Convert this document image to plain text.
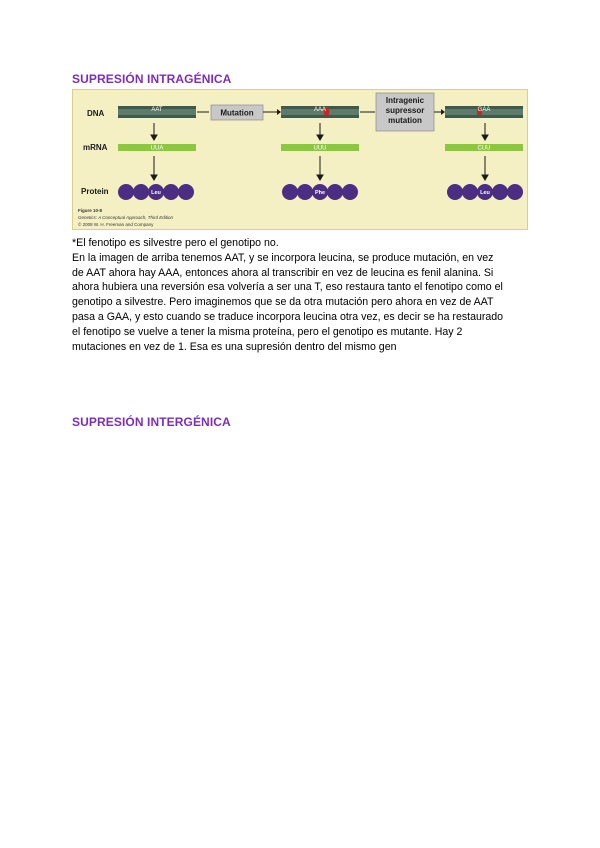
SUPRESIÓN INTRAGÉNICA
DNA
mRNA
Protein
AAT	AAA	GAA
Mutation
Intragenic
supressor
mutation
UUA	UUU	CUU
Leu	Phe	Leu
Figure 10-8
Genetics: A Conceptual Approach, Third Edition
© 2008 W. H. Freeman and Company

*El fenotipo es silvestre pero el genotipo no.

En la imagen de arriba tenemos AAT, y se incorpora leucina, se produce mutación, en vez

de AAT ahora hay AAA, entonces ahora al transcribir en vez de leucina es fenil alanina. Si

ahora hubiera una reversión esa volvería a ser una T, eso restaura tanto el fenotipo como el

genotipo a silvestre. Pero imaginemos que se da otra mutación pero ahora en vez de AAT

pasa a GAA, y esto cuando se traduce incorpora leucina otra vez, es decir se ha restaurado

el fenotipo se vuelve a tener la misma proteína, pero el genotipo es mutante. Hay 2

mutaciones en vez de 1. Esa es una supresión dentro del mismo gen

SUPRESIÓN INTERGÉNICA
